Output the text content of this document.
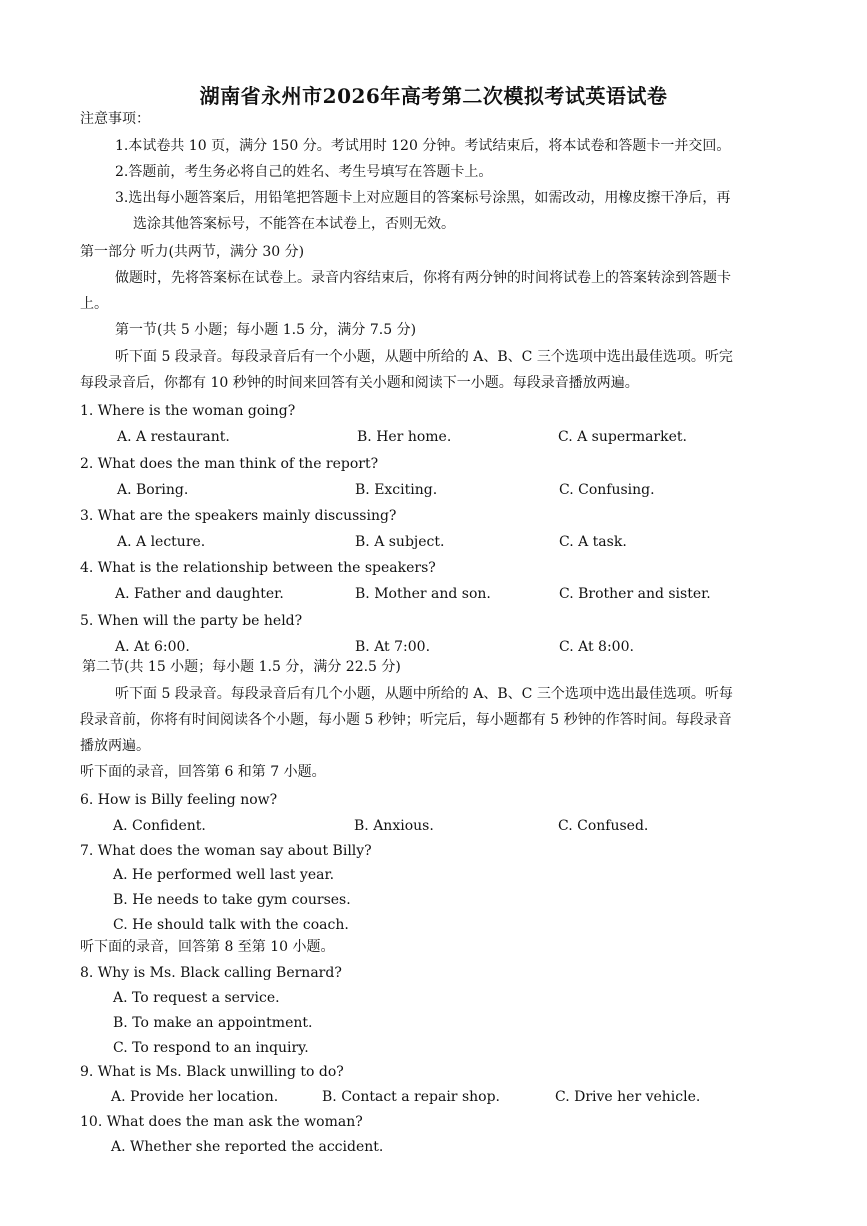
湖南省永州市2026年高考第二次模拟考试英语试卷
注意事项：
1.本试卷共 10 页，满分 150 分。考试用时 120 分钟。考试结束后，将本试卷和答题卡一并交回。
2.答题前，考生务必将自己的姓名、考生号填写在答题卡上。
3.选出每小题答案后，用铅笔把答题卡上对应题目的答案标号涂黑，如需改动，用橡皮擦干净后，再
选涂其他答案标号，不能答在本试卷上，否则无效。
第一部分 听力(共两节，满分 30 分)
做题时，先将答案标在试卷上。录音内容结束后，你将有两分钟的时间将试卷上的答案转涂到答题卡
上。
第一节(共 5 小题；每小题 1.5 分，满分 7.5 分)
听下面 5 段录音。每段录音后有一个小题，从题中所给的 A、B、C 三个选项中选出最佳选项。听完
每段录音后，你都有 10 秒钟的时间来回答有关小题和阅读下一小题。每段录音播放两遍。
1. Where is the woman going?
A. A restaurant.	B. Her home.	C. A supermarket.
2. What does the man think of the report?
A. Boring.	B. Exciting.	C. Confusing.
3. What are the speakers mainly discussing?
A. A lecture.	B. A subject.	C. A task.
4. What is the relationship between the speakers?
A. Father and daughter.	B. Mother and son.	C. Brother and sister.
5. When will the party be held?
A. At 6:00.	B. At 7:00.	C. At 8:00.
第二节(共 15 小题；每小题 1.5 分，满分 22.5 分)
听下面 5 段录音。每段录音后有几个小题，从题中所给的 A、B、C 三个选项中选出最佳选项。听每
段录音前，你将有时间阅读各个小题，每小题 5 秒钟；听完后，每小题都有 5 秒钟的作答时间。每段录音
播放两遍。
听下面的录音，回答第 6 和第 7 小题。
6. How is Billy feeling now?
A. Confident.	B. Anxious.	C. Confused.
7. What does the woman say about Billy?
A. He performed well last year.
B. He needs to take gym courses.
C. He should talk with the coach.
听下面的录音，回答第 8 至第 10 小题。
8. Why is Ms. Black calling Bernard?
A. To request a service.
B. To make an appointment.
C. To respond to an inquiry.
9. What is Ms. Black unwilling to do?
A. Provide her location.	B. Contact a repair shop.	C. Drive her vehicle.
10. What does the man ask the woman?
A. Whether she reported the accident.
